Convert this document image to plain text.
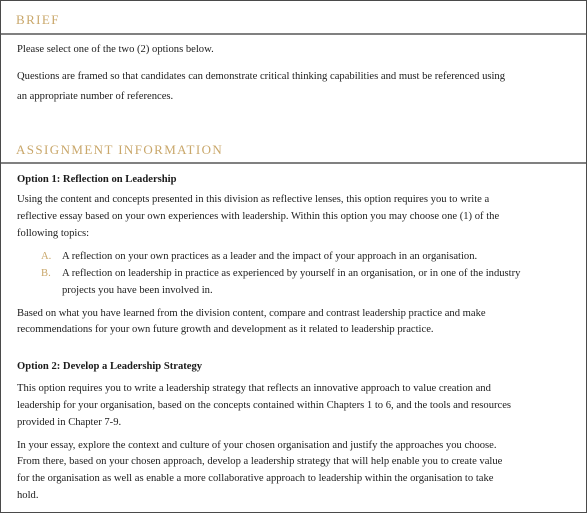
BRIEF
Please select one of the two (2) options below.
Questions are framed so that candidates can demonstrate critical thinking capabilities and must be referenced using
an appropriate number of references.
ASSIGNMENT INFORMATION
Option 1: Reflection on Leadership
Using the content and concepts presented in this division as reflective lenses, this option requires you to write a
reflective essay based on your own experiences with leadership. Within this option you may choose one (1) of the
following topics:
A. A reflection on your own practices as a leader and the impact of your approach in an organisation.
B. A reflection on leadership in practice as experienced by yourself in an organisation, or in one of the industry
projects you have been involved in.
Based on what you have learned from the division content, compare and contrast leadership practice and make
recommendations for your own future growth and development as it related to leadership practice.
Option 2: Develop a Leadership Strategy
This option requires you to write a leadership strategy that reflects an innovative approach to value creation and
leadership for your organisation, based on the concepts contained within Chapters 1 to 6, and the tools and resources
provided in Chapter 7-9.
In your essay, explore the context and culture of your chosen organisation and justify the approaches you choose.
From there, based on your chosen approach, develop a leadership strategy that will help enable you to create value
for the organisation as well as enable a more collaborative approach to leadership within the organisation to take
hold.
